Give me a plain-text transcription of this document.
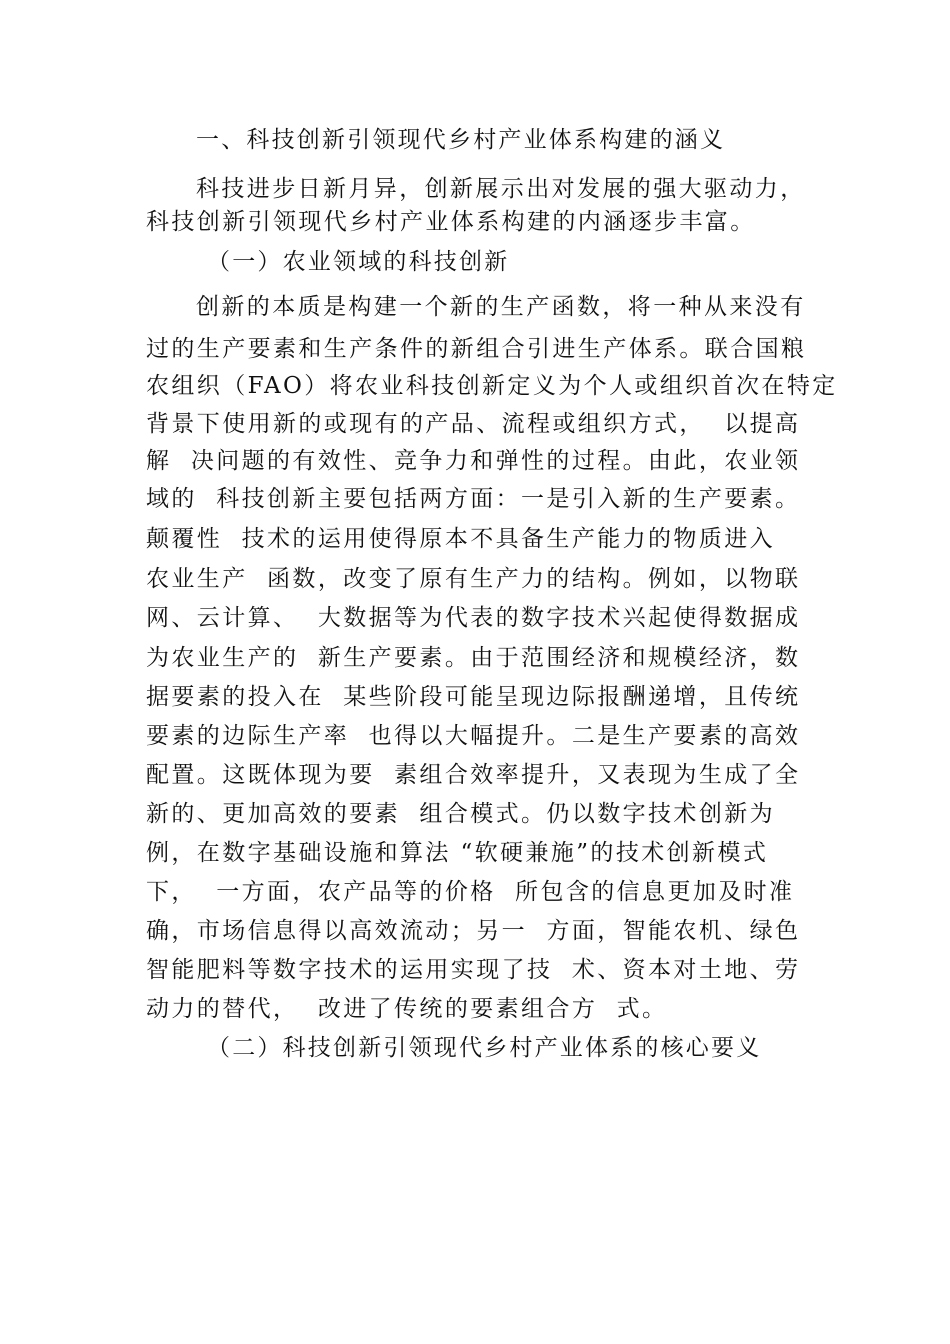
一、科技创新引领现代乡村产业体系构建的涵义
科技进步日新月异，创新展示出对发展的强大驱动力，
科技创新引领现代乡村产业体系构建的内涵逐步丰富。
（一）农业领域的科技创新
创新的本质是构建一个新的生产函数，将一种从来没有
过的生产要素和生产条件的新组合引进生产体系。联合国粮
农组织（FAO）将农业科技创新定义为个人或组织首次在特定
背景下使用新的或现有的产品、流程或组织方式，  以提高
解  决问题的有效性、竞争力和弹性的过程。由此，农业领
域的  科技创新主要包括两方面：一是引入新的生产要素。
颠覆性  技术的运用使得原本不具备生产能力的物质进入
农业生产  函数，改变了原有生产力的结构。例如，以物联
网、云计算、  大数据等为代表的数字技术兴起使得数据成
为农业生产的  新生产要素。由于范围经济和规模经济，数
据要素的投入在  某些阶段可能呈现边际报酬递增，且传统
要素的边际生产率  也得以大幅提升。二是生产要素的高效
配置。这既体现为要  素组合效率提升，又表现为生成了全
新的、更加高效的要素  组合模式。仍以数字技术创新为
例，在数字基础设施和算法 “软硬兼施”的技术创新模式
下，  一方面，农产品等的价格  所包含的信息更加及时准
确，市场信息得以高效流动；另一  方面，智能农机、绿色
智能肥料等数字技术的运用实现了技  术、资本对土地、劳
动力的替代，  改进了传统的要素组合方  式。
（二）科技创新引领现代乡村产业体系的核心要义
